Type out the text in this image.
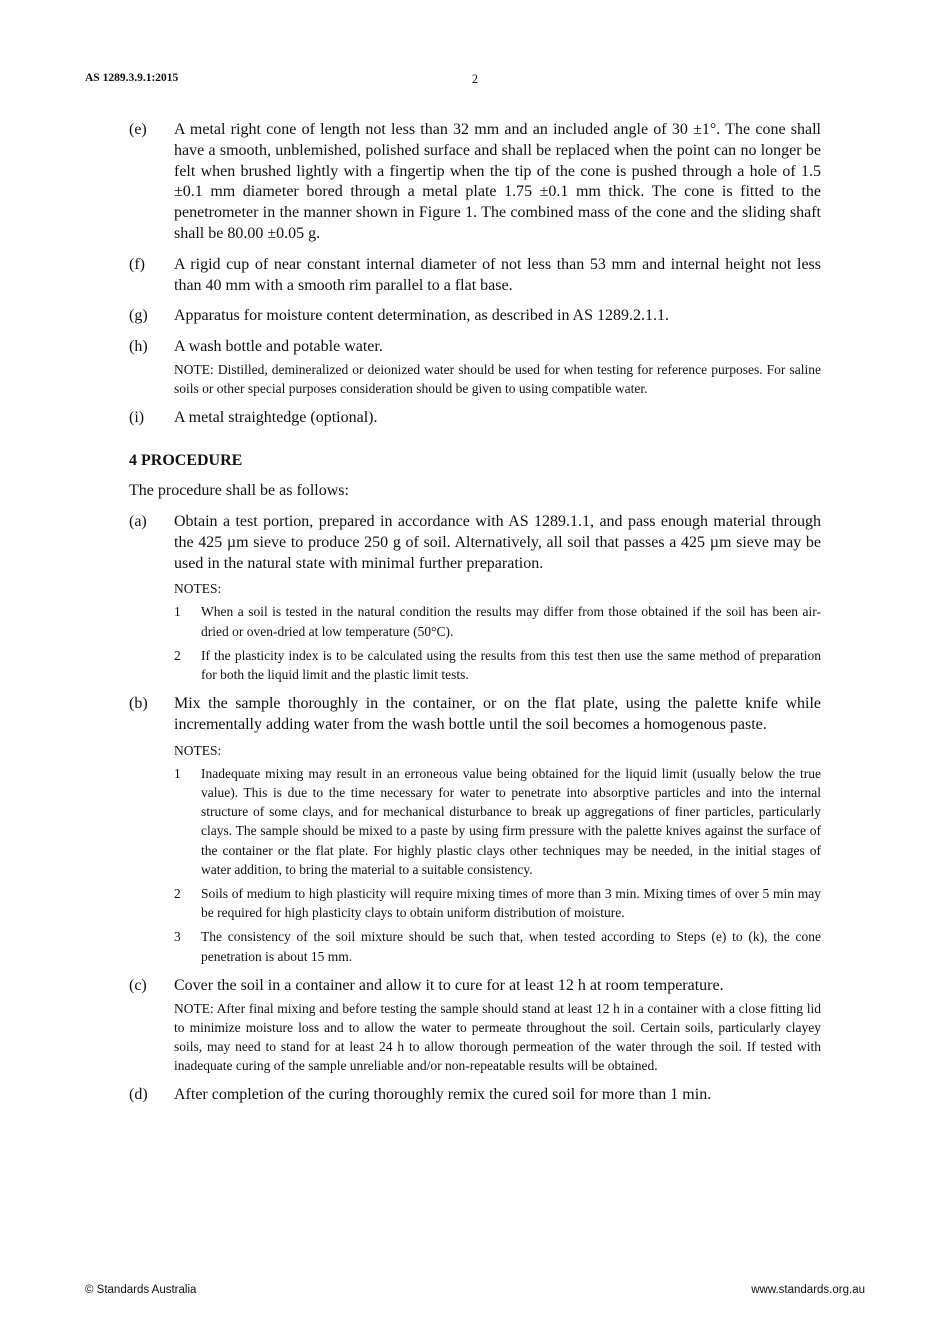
AS 1289.3.9.1:2015	2
(e) A metal right cone of length not less than 32 mm and an included angle of 30 ±1°. The cone shall have a smooth, unblemished, polished surface and shall be replaced when the point can no longer be felt when brushed lightly with a fingertip when the tip of the cone is pushed through a hole of 1.5 ±0.1 mm diameter bored through a metal plate 1.75 ±0.1 mm thick. The cone is fitted to the penetrometer in the manner shown in Figure 1. The combined mass of the cone and the sliding shaft shall be 80.00 ±0.05 g.

(f) A rigid cup of near constant internal diameter of not less than 53 mm and internal height not less than 40 mm with a smooth rim parallel to a flat base.

(g) Apparatus for moisture content determination, as described in AS 1289.2.1.1.

(h) A wash bottle and potable water.

NOTE: Distilled, demineralized or deionized water should be used for when testing for reference purposes. For saline soils or other special purposes consideration should be given to using compatible water.

(i) A metal straightedge (optional).

4 PROCEDURE

The procedure shall be as follows:

(a) Obtain a test portion, prepared in accordance with AS 1289.1.1, and pass enough material through the 425 µm sieve to produce 250 g of soil. Alternatively, all soil that passes a 425 µm sieve may be used in the natural state with minimal further preparation.

NOTES:
1 When a soil is tested in the natural condition the results may differ from those obtained if the soil has been air-dried or oven-dried at low temperature (50°C).

2 If the plasticity index is to be calculated using the results from this test then use the same method of preparation for both the liquid limit and the plastic limit tests.

(b) Mix the sample thoroughly in the container, or on the flat plate, using the palette knife while incrementally adding water from the wash bottle until the soil becomes a homogenous paste.

NOTES:
1 Inadequate mixing may result in an erroneous value being obtained for the liquid limit (usually below the true value). This is due to the time necessary for water to penetrate into absorptive particles and into the internal structure of some clays, and for mechanical disturbance to break up aggregations of finer particles, particularly clays. The sample should be mixed to a paste by using firm pressure with the palette knives against the surface of the container or the flat plate. For highly plastic clays other techniques may be needed, in the initial stages of water addition, to bring the material to a suitable consistency.

2 Soils of medium to high plasticity will require mixing times of more than 3 min. Mixing times of over 5 min may be required for high plasticity clays to obtain uniform distribution of moisture.

3 The consistency of the soil mixture should be such that, when tested according to Steps (e) to (k), the cone penetration is about 15 mm.

(c) Cover the soil in a container and allow it to cure for at least 12 h at room temperature.

NOTE: After final mixing and before testing the sample should stand at least 12 h in a container with a close fitting lid to minimize moisture loss and to allow the water to permeate throughout the soil. Certain soils, particularly clayey soils, may need to stand for at least 24 h to allow thorough permeation of the water through the soil. If tested with inadequate curing of the sample unreliable and/or non-repeatable results will be obtained.

(d) After completion of the curing thoroughly remix the cured soil for more than 1 min.

© Standards Australia	www.standards.org.au
